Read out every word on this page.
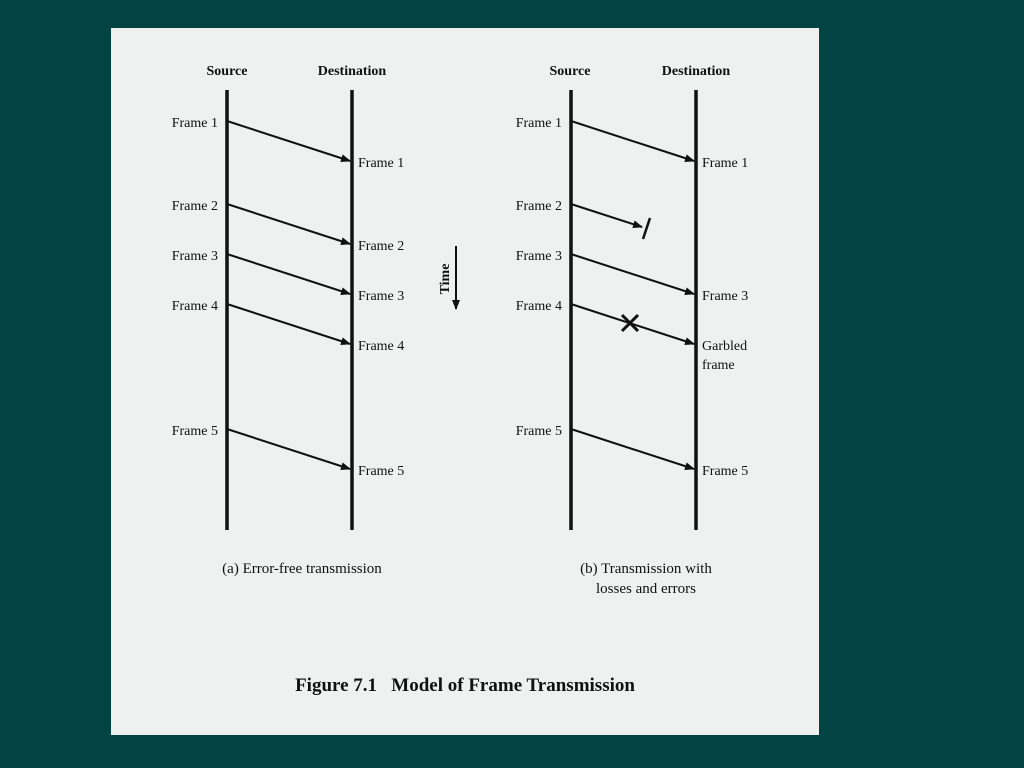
Source	Destination
Frame 1
Frame 2
Frame 3
Frame 4
Frame 5
Frame 1
Frame 2
Frame 3
Frame 4
Frame 5
Time
Source	Destination
Frame 1
Frame 2
Frame 3
Frame 4
Frame 5
Frame 1
Frame 3
Garbled
frame
Frame 5
(a) Error-free transmission	(b) Transmission with
losses and errors
Figure 7.1   Model of Frame Transmission
